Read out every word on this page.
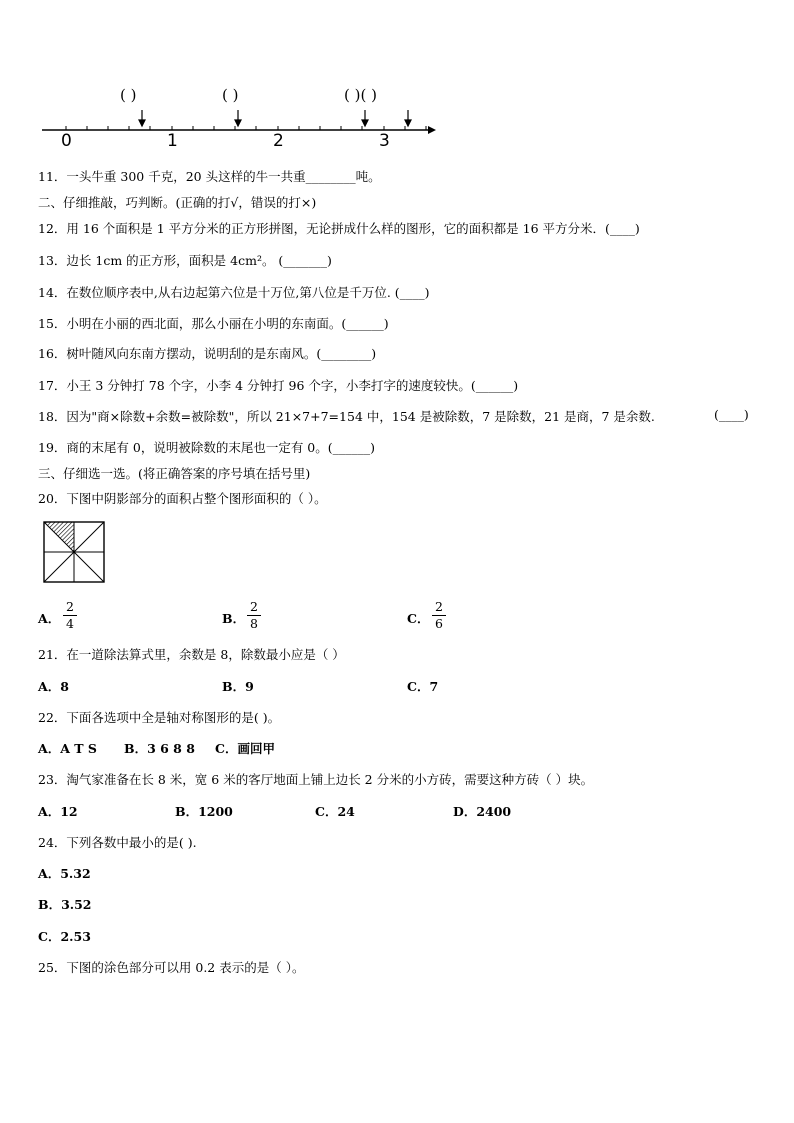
( )	( )	( )( )
0	1	2	3
11．一头牛重 300 千克，20 头这样的牛一共重________吨。
二、仔细推敲，巧判断。(正确的打√，错误的打×)
12．用 16 个面积是 1 平方分米的正方形拼图，无论拼成什么样的图形，它的面积都是 16 平方分米．(____)
13．边长 1cm 的正方形，面积是 4cm²。 (_______)
14．在数位顺序表中,从右边起第六位是十万位,第八位是千万位. (____)
15．小明在小丽的西北面，那么小丽在小明的东南面。(______)
16．树叶随风向东南方摆动，说明刮的是东南风。(________)
17．小王 3 分钟打 78 个字，小李 4 分钟打 96 个字，小李打字的速度较快。(______)
18．因为"商×除数+余数=被除数"，所以 21×7+7=154 中，154 是被除数，7 是除数，21 是商，7 是余数.	(____)
19．商的末尾有 0，说明被除数的末尾也一定有 0。(______)
三、仔细选一选。(将正确答案的序号填在括号里)
20．下图中阴影部分的面积占整个图形面积的（ ）。
A． $\frac{2}{4}$	B． $\frac{2}{8}$	C． $\frac{2}{6}$
21．在一道除法算式里，余数是 8，除数最小应是（ ）
A．8	B．9	C．7
22．下面各选项中全是轴对称图形的是( )。
A．A T S B．3 6 8 8 C．画回甲
23．淘气家准备在长 8 米，宽 6 米的客厅地面上铺上边长 2 分米的小方砖，需要这种方砖（ ）块。
A．12	B．1200	C．24	D．2400
24．下列各数中最小的是( ).
A．5.32
B．3.52
C．2.53
25．下图的涂色部分可以用 0.2 表示的是（ ）。
